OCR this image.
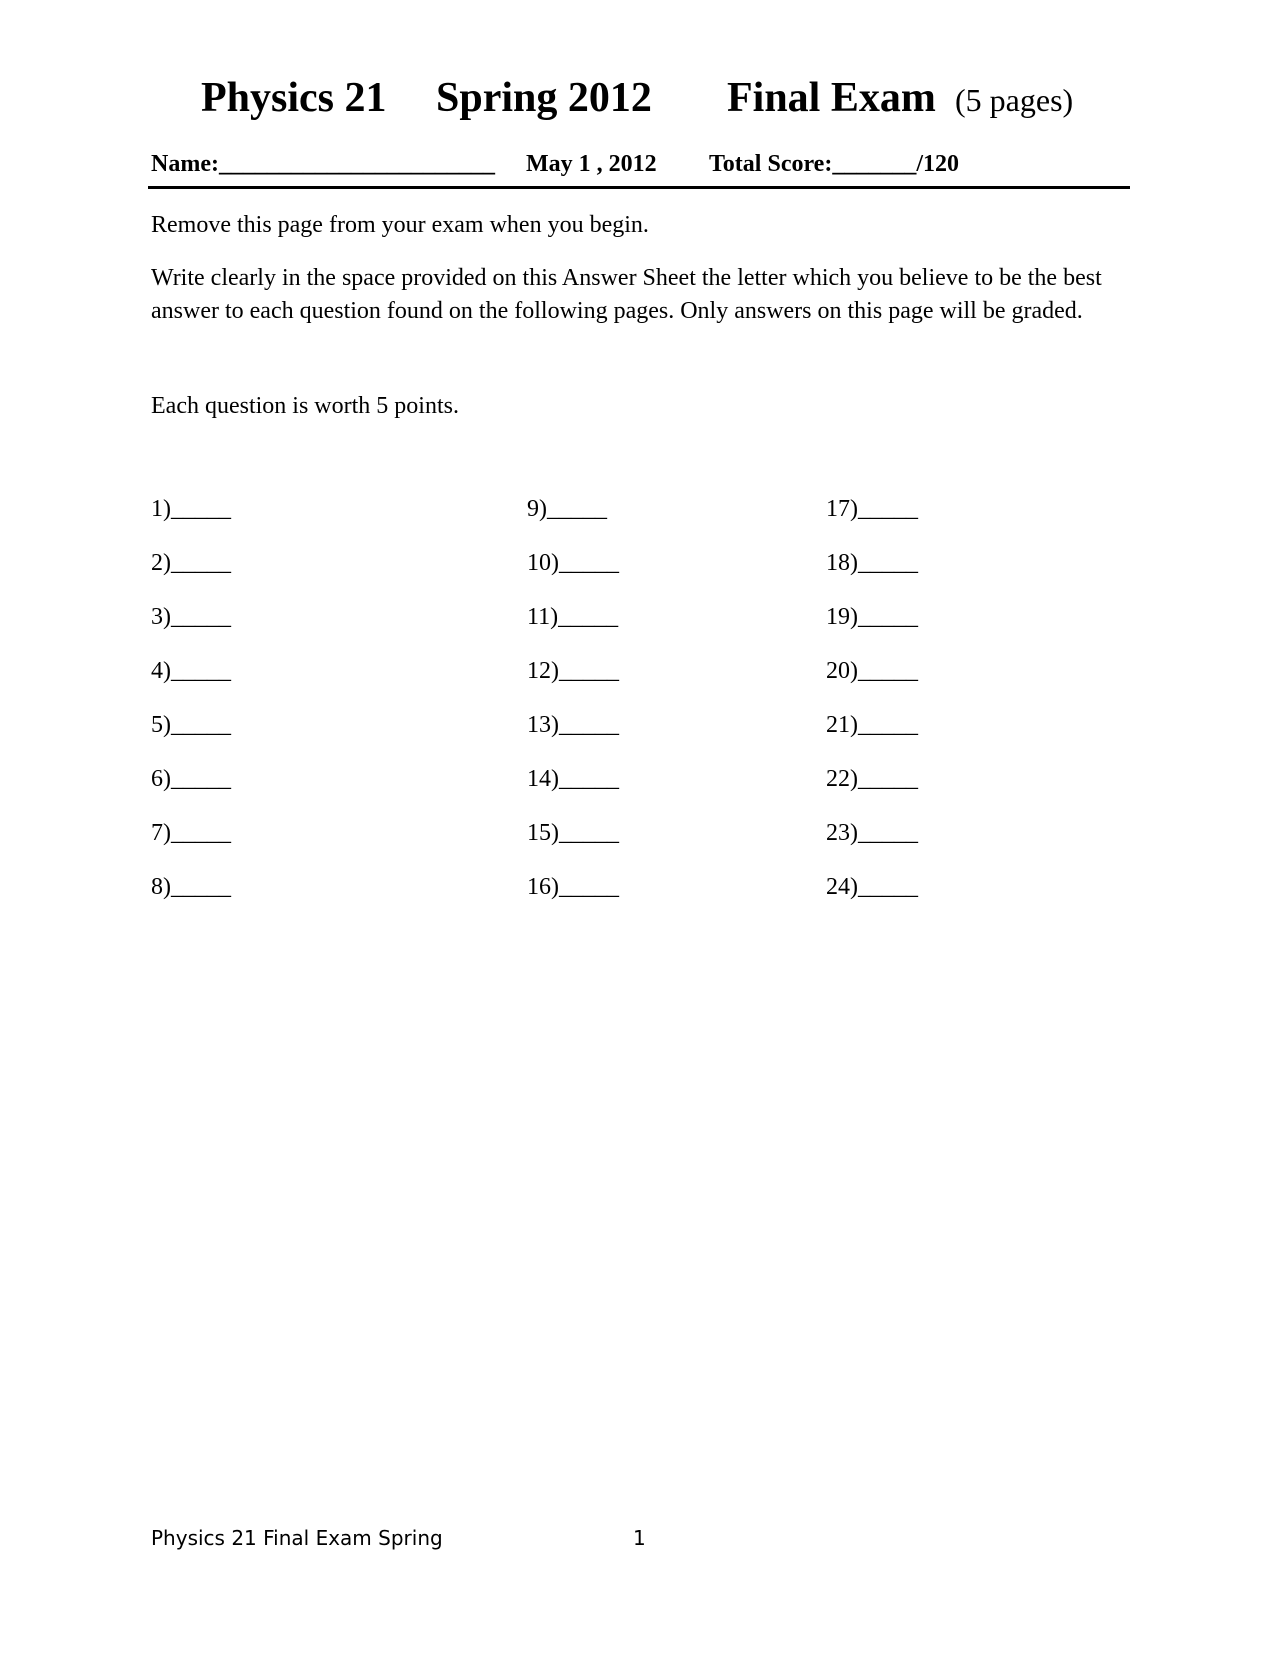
Physics 21 Spring 2012 Final Exam (5 pages)
Name:_______________________ May 1 , 2012 Total Score:_______/120
Remove this page from your exam when you begin.
Write clearly in the space provided on this Answer Sheet the letter which you believe to be the best answer to each question found on the following pages. Only answers on this page will be graded.
Each question is worth 5 points.
1)_____
2)_____
3)_____
4)_____
5)_____
6)_____
7)_____
8)_____
9)_____
10)_____
11)_____
12)_____
13)_____
14)_____
15)_____
16)_____
17)_____
18)_____
19)_____
20)_____
21)_____
22)_____
23)_____
24)_____
Physics 21 Final Exam Spring	1
